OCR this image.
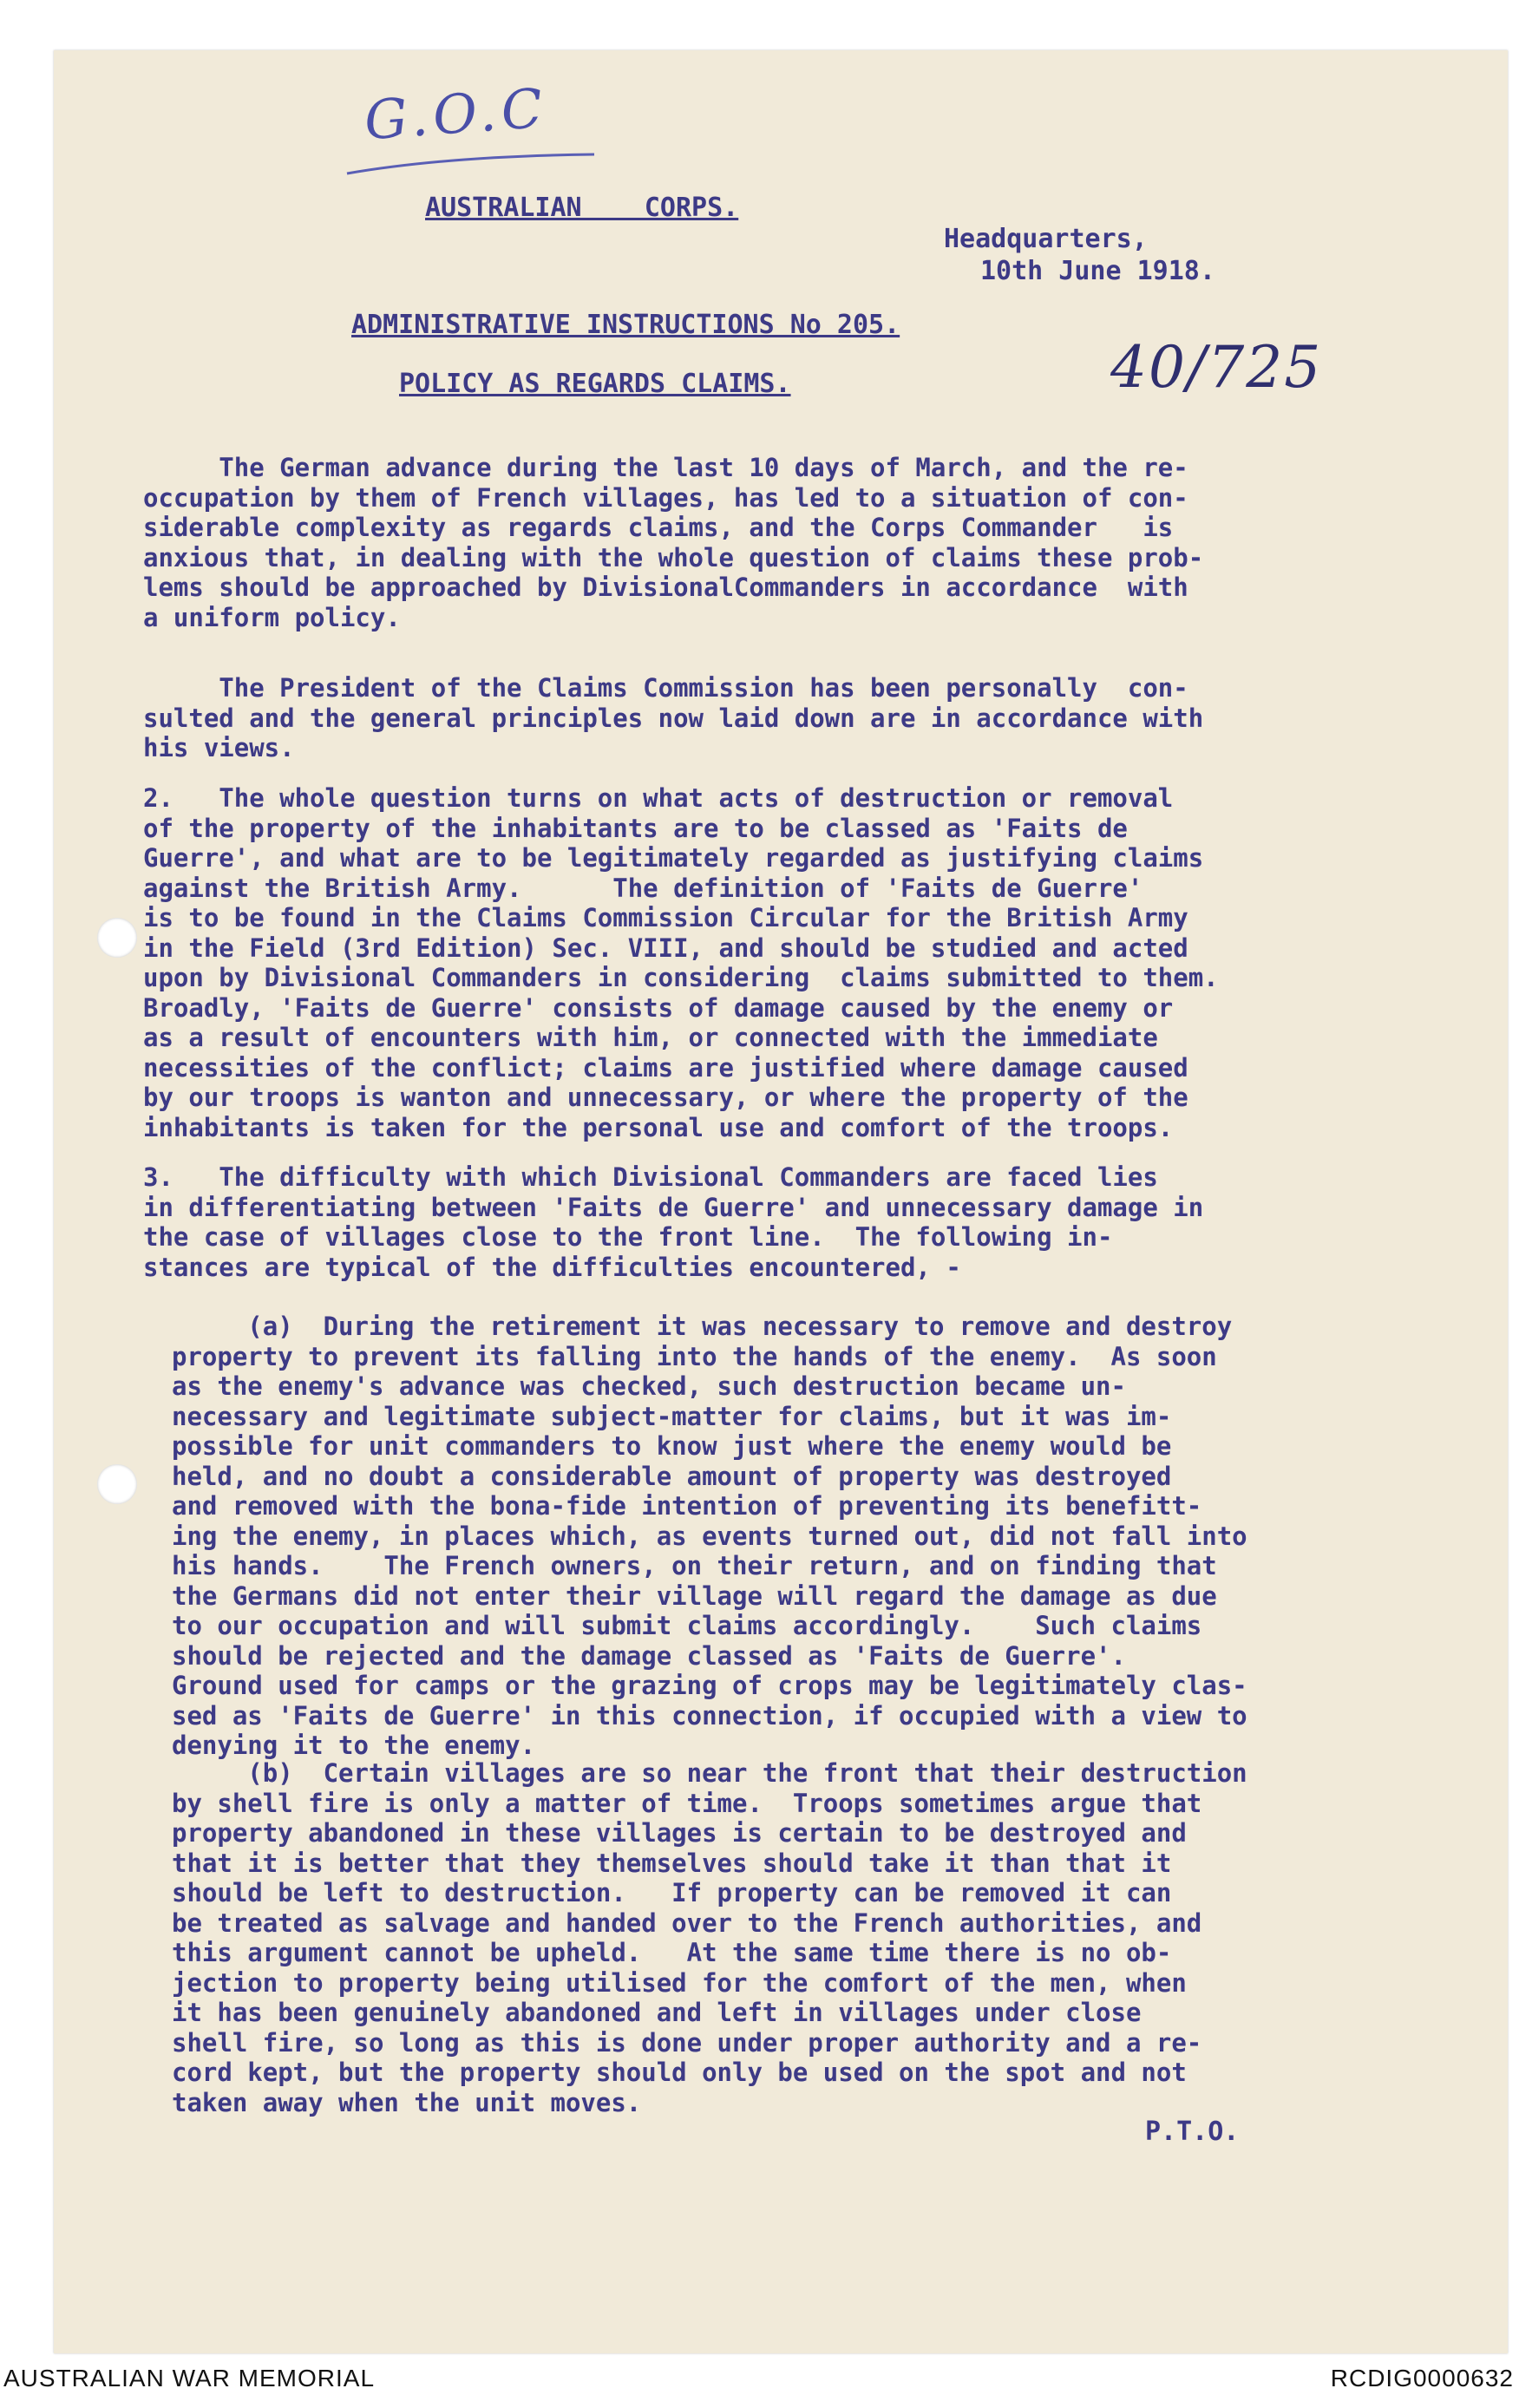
G.O.C
40/725

AUSTRALIAN    CORPS.

Headquarters,

10th June 1918.

ADMINISTRATIVE INSTRUCTIONS No 205.

POLICY AS REGARDS CLAIMS.

The German advance during the last 10 days of March, and the re-
occupation by them of French villages, has led to a situation of con-
siderable complexity as regards claims, and the Corps Commander   is
anxious that, in dealing with the whole question of claims these prob-
lems should be approached by DivisionalCommanders in accordance  with
a uniform policy.

The President of the Claims Commission has been personally  con-
sulted and the general principles now laid down are in accordance with
his views.

2.   The whole question turns on what acts of destruction or removal
of the property of the inhabitants are to be classed as 'Faits de
Guerre', and what are to be legitimately regarded as justifying claims
against the British Army.      The definition of 'Faits de Guerre'
is to be found in the Claims Commission Circular for the British Army
in the Field (3rd Edition) Sec. VIII, and should be studied and acted
upon by Divisional Commanders in considering  claims submitted to them.
Broadly, 'Faits de Guerre' consists of damage caused by the enemy or
as a result of encounters with him, or connected with the immediate
necessities of the conflict; claims are justified where damage caused
by our troops is wanton and unnecessary, or where the property of the
inhabitants is taken for the personal use and comfort of the troops.

3.   The difficulty with which Divisional Commanders are faced lies
in differentiating between 'Faits de Guerre' and unnecessary damage in
the case of villages close to the front line.  The following in-
stances are typical of the difficulties encountered, -

(a)  During the retirement it was necessary to remove and destroy
property to prevent its falling into the hands of the enemy.  As soon
as the enemy's advance was checked, such destruction became un-
necessary and legitimate subject-matter for claims, but it was im-
possible for unit commanders to know just where the enemy would be
held, and no doubt a considerable amount of property was destroyed
and removed with the bona-fide intention of preventing its benefitt-
ing the enemy, in places which, as events turned out, did not fall into
his hands.    The French owners, on their return, and on finding that
the Germans did not enter their village will regard the damage as due
to our occupation and will submit claims accordingly.    Such claims
should be rejected and the damage classed as 'Faits de Guerre'.
Ground used for camps or the grazing of crops may be legitimately clas-
sed as 'Faits de Guerre' in this connection, if occupied with a view to
denying it to the enemy.

(b)  Certain villages are so near the front that their destruction
by shell fire is only a matter of time.  Troops sometimes argue that
property abandoned in these villages is certain to be destroyed and
that it is better that they themselves should take it than that it
should be left to destruction.   If property can be removed it can
be treated as salvage and handed over to the French authorities, and
this argument cannot be upheld.   At the same time there is no ob-
jection to property being utilised for the comfort of the men, when
it has been genuinely abandoned and left in villages under close
shell fire, so long as this is done under proper authority and a re-
cord kept, but the property should only be used on the spot and not
taken away when the unit moves.

P.T.O.

AUSTRALIAN WAR MEMORIAL	RCDIG0000632
